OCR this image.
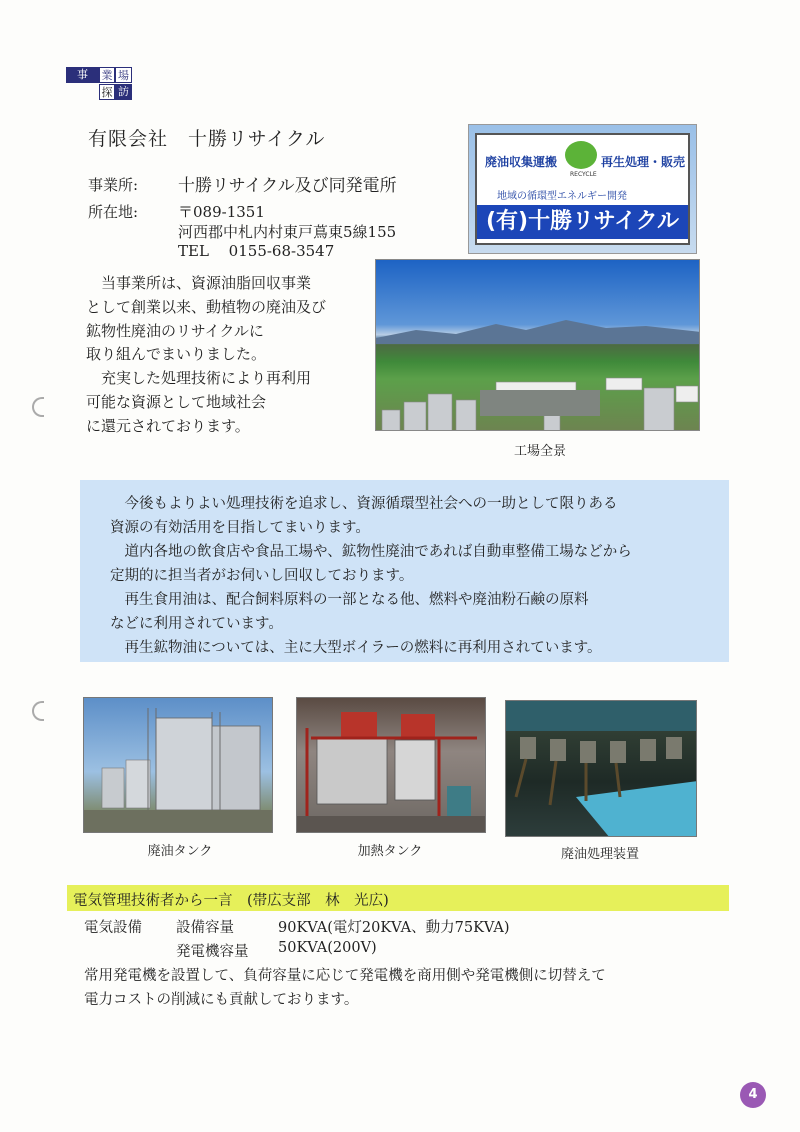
事	業 場
探 訪
有限会社　十勝リサイクル
事業所: 十勝リサイクル及び同発電所
所在地:	〒089-1351
河西郡中札内村東戸蔦東5線155
TEL　 0155-68-3547
廃油収集運搬	再生処理・販売
RECYCLE
地域の循環型エネルギー開発
(有)十勝リサイクル
工場全景

　当事業所は、資源油脂回収事業

として創業以来、動植物の廃油及び

鉱物性廃油のリサイクルに

取り組んでまいりました。

　充実した処理技術により再利用

可能な資源として地域社会

に還元されております。

　今後もよりよい処理技術を追求し、資源循環型社会への一助として限りある

資源の有効活用を目指してまいります。

　道内各地の飲食店や食品工場や、鉱物性廃油であれば自動車整備工場などから

定期的に担当者がお伺いし回収しております。

　再生食用油は、配合飼料原料の一部となる他、燃料や廃油粉石鹸の原料

などに利用されています。

　再生鉱物油については、主に大型ボイラーの燃料に再利用されています。

廃油タンク	加熱タンク	廃油処理装置
電気管理技術者から一言　(帯広支部　林　光広)
電気設備 設備容量	90KVA(電灯20KVA、動力75KVA)
発電機容量 50KVA(200V)
常用発電機を設置して、負荷容量に応じて発電機を商用側や発電機側に切替えて
電力コストの削減にも貢献しております。
4
